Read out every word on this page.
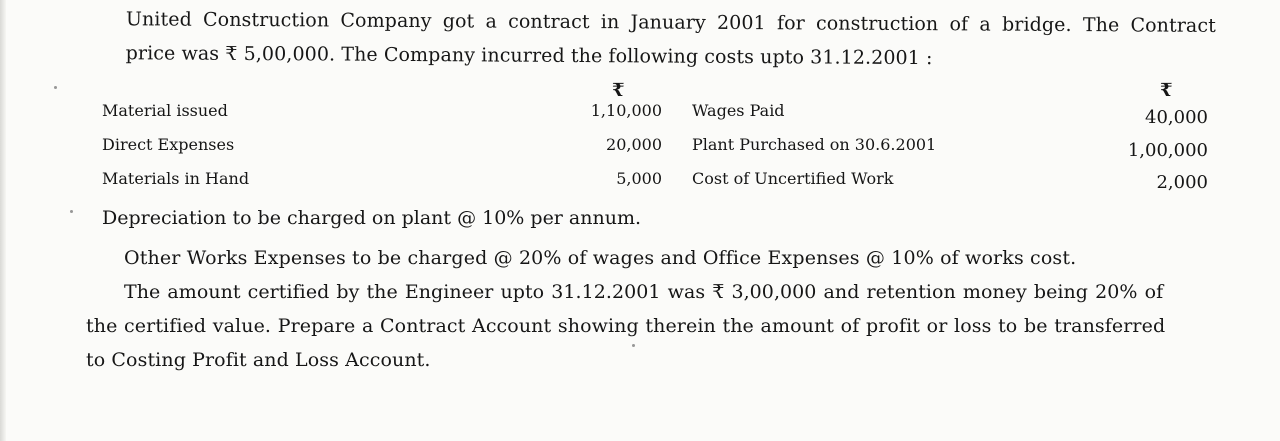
United Construction Company got a contract in January 2001 for construction of a bridge. The Contract
price was ₹ 5,00,000. The Company incurred the following costs upto 31.12.2001 :
₹	₹
Material issued	1,10,000 Wages Paid	40,000
Direct Expenses	20,000 Plant Purchased on 30.6.2001	1,00,000
Materials in Hand	5,000 Cost of Uncertified Work	2,000
Depreciation to be charged on plant @ 10% per annum.
Other Works Expenses to be charged @ 20% of wages and Office Expenses @ 10% of works cost.
The amount certified by the Engineer upto 31.12.2001 was ₹ 3,00,000 and retention money being 20% of
the certified value. Prepare a Contract Account showing therein the amount of profit or loss to be transferred
to Costing Profit and Loss Account.
